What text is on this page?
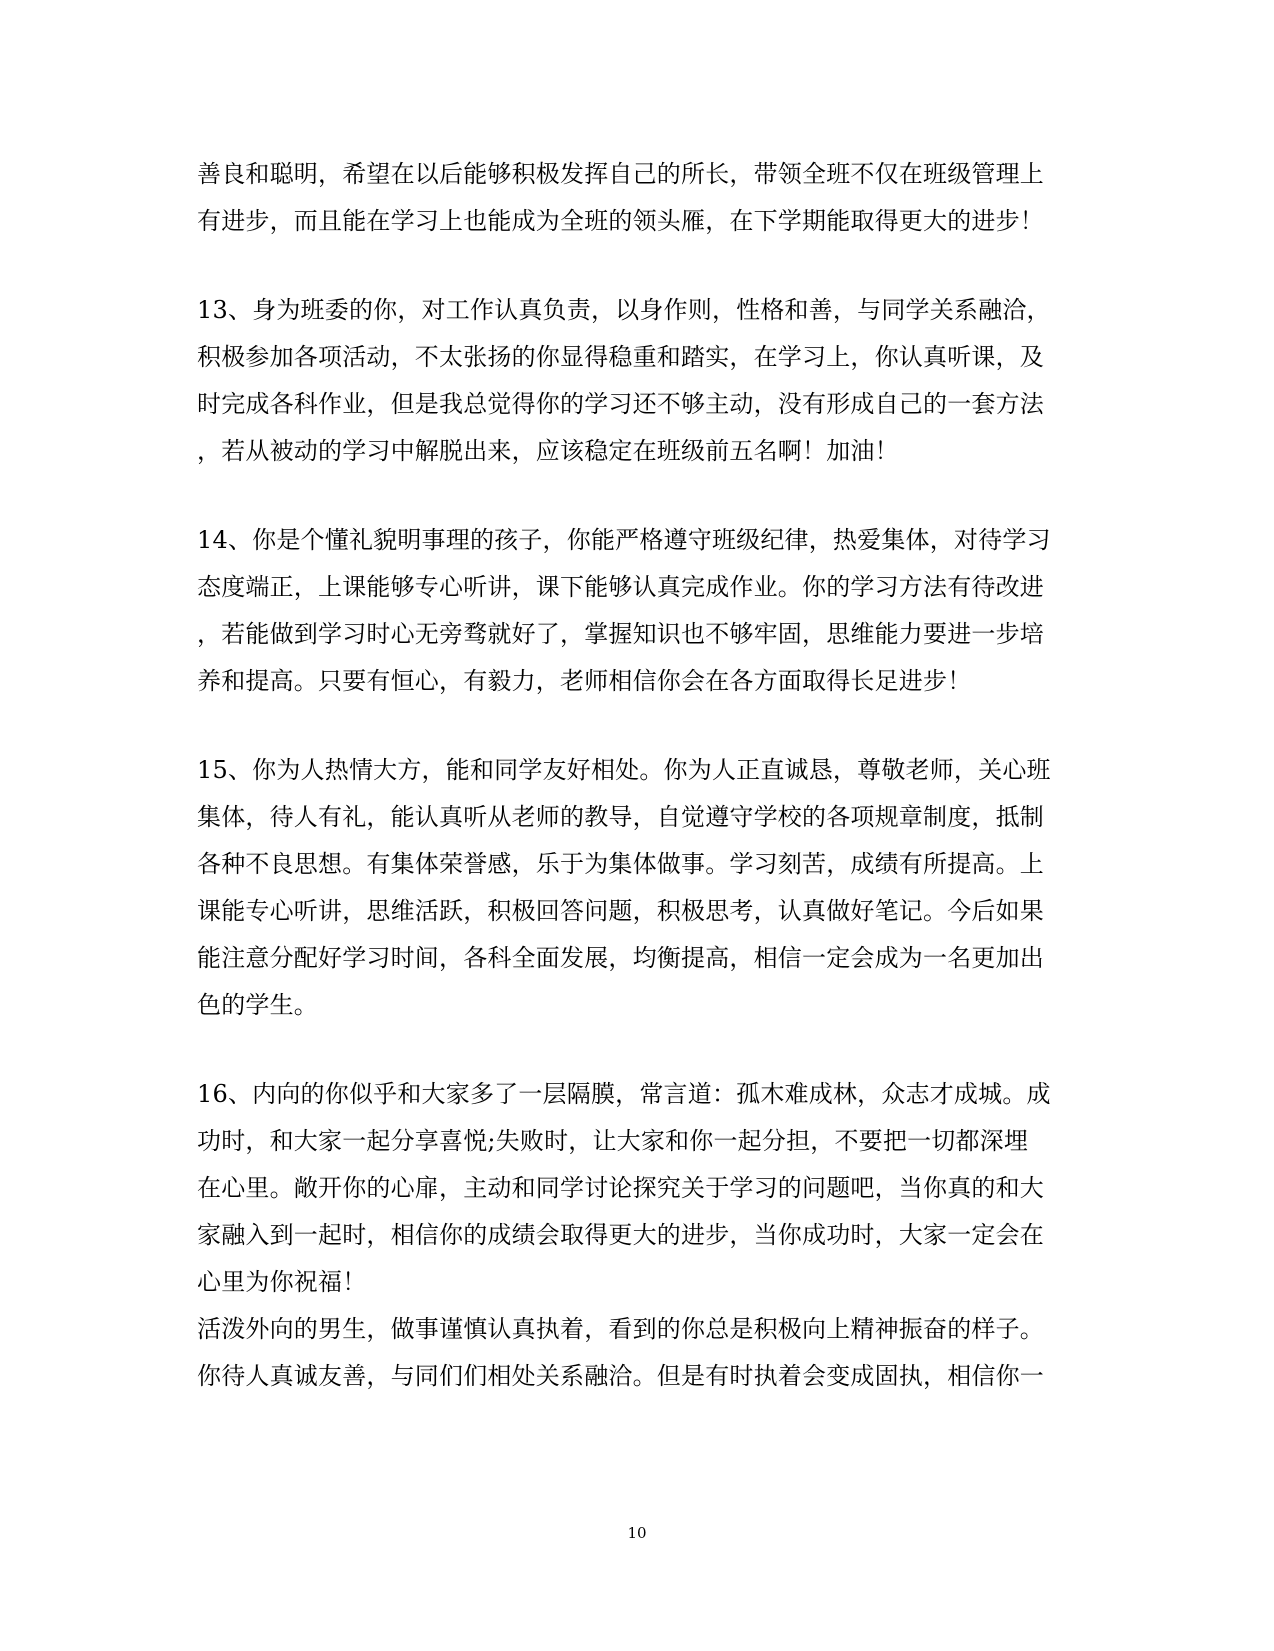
善良和聪明，希望在以后能够积极发挥自己的所长，带领全班不仅在班级管理上
有进步，而且能在学习上也能成为全班的领头雁，在下学期能取得更大的进步！
13、身为班委的你，对工作认真负责，以身作则，性格和善，与同学关系融洽，
积极参加各项活动，不太张扬的你显得稳重和踏实，在学习上，你认真听课，及
时完成各科作业，但是我总觉得你的学习还不够主动，没有形成自己的一套方法
，若从被动的学习中解脱出来，应该稳定在班级前五名啊！加油！
14、你是个懂礼貌明事理的孩子，你能严格遵守班级纪律，热爱集体，对待学习
态度端正，上课能够专心听讲，课下能够认真完成作业。你的学习方法有待改进
，若能做到学习时心无旁骛就好了，掌握知识也不够牢固，思维能力要进一步培
养和提高。只要有恒心，有毅力，老师相信你会在各方面取得长足进步！
15、你为人热情大方，能和同学友好相处。你为人正直诚恳，尊敬老师，关心班
集体，待人有礼，能认真听从老师的教导，自觉遵守学校的各项规章制度，抵制
各种不良思想。有集体荣誉感，乐于为集体做事。学习刻苦，成绩有所提高。上
课能专心听讲，思维活跃，积极回答问题，积极思考，认真做好笔记。今后如果
能注意分配好学习时间，各科全面发展，均衡提高，相信一定会成为一名更加出
色的学生。
16、内向的你似乎和大家多了一层隔膜，常言道：孤木难成林，众志才成城。成
功时，和大家一起分享喜悦;失败时，让大家和你一起分担，不要把一切都深埋
在心里。敞开你的心扉，主动和同学讨论探究关于学习的问题吧，当你真的和大
家融入到一起时，相信你的成绩会取得更大的进步，当你成功时，大家一定会在
心里为你祝福！
活泼外向的男生，做事谨慎认真执着，看到的你总是积极向上精神振奋的样子。
你待人真诚友善，与同们们相处关系融洽。但是有时执着会变成固执，相信你一
10
